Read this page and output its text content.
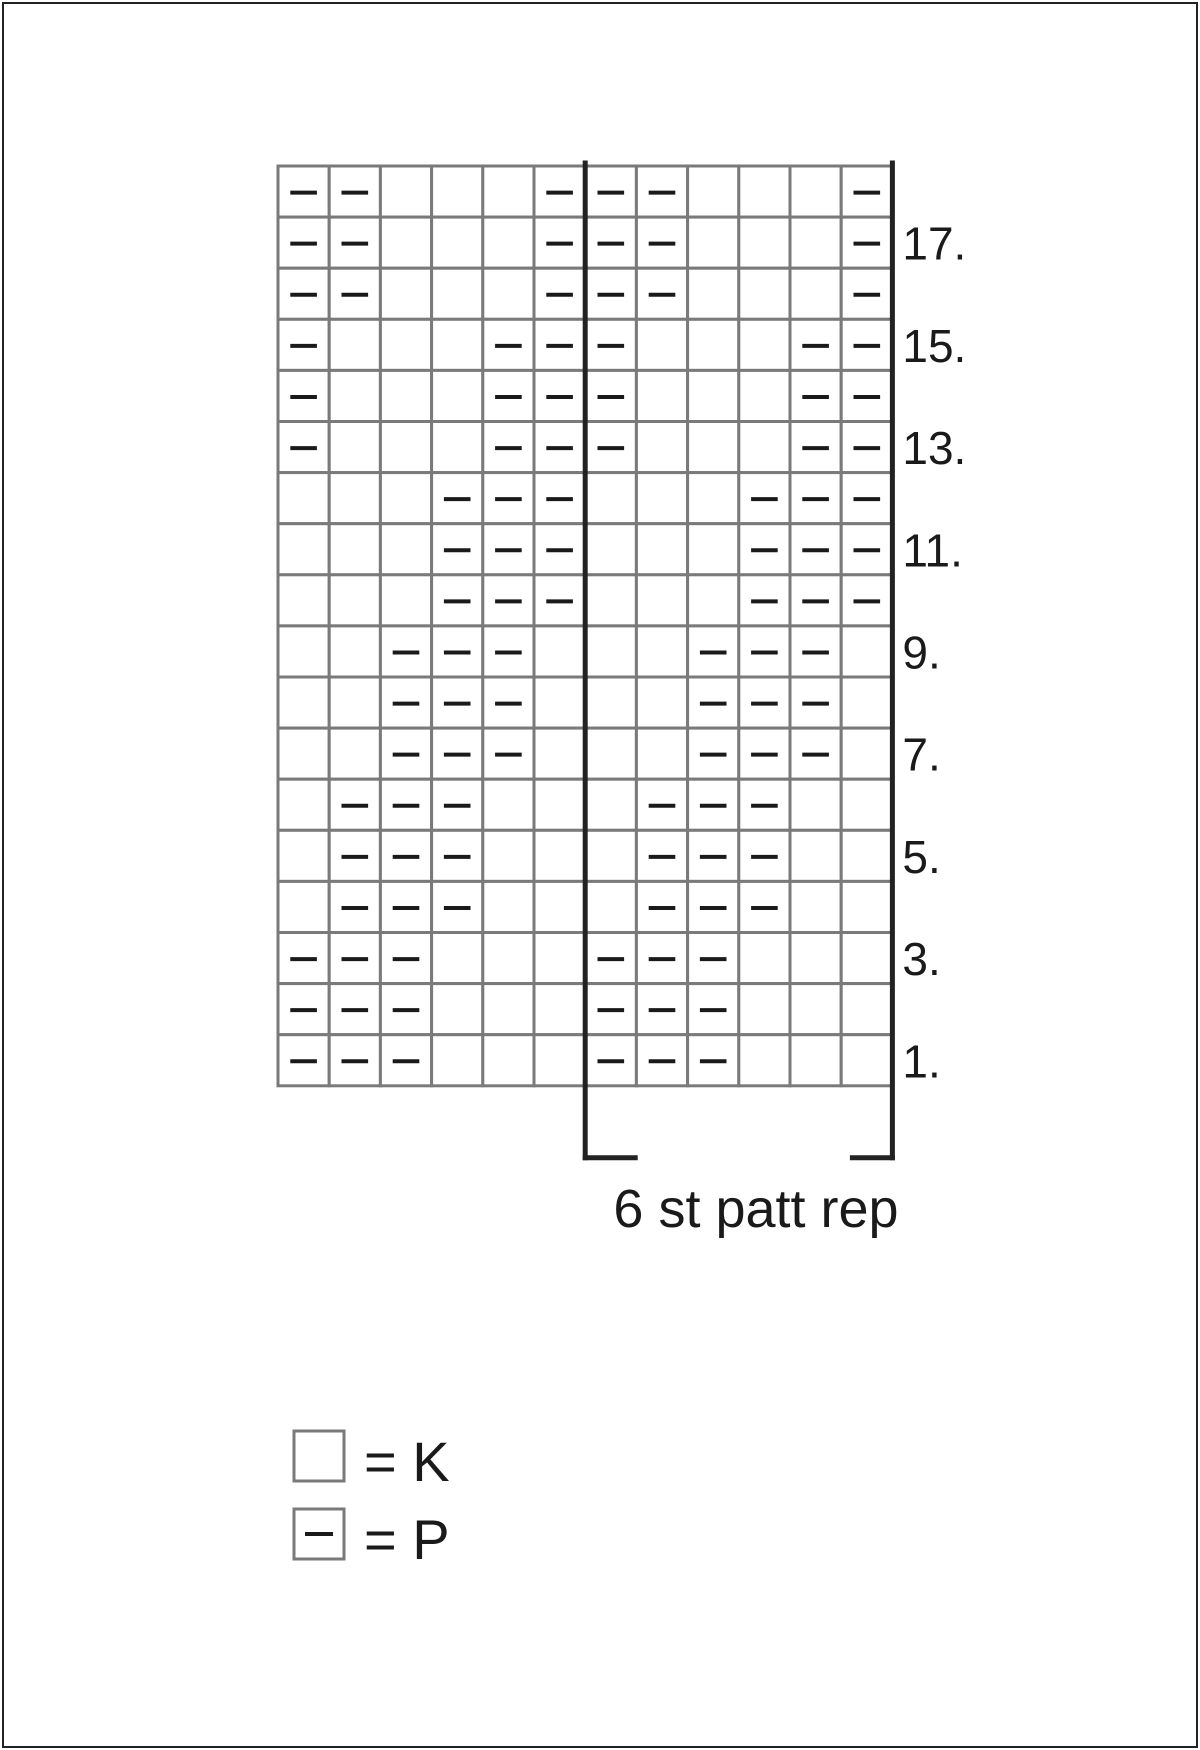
17.
15.
13.
11.
9.
7.
5.
3.
1.
6 st patt rep
= K
= P
